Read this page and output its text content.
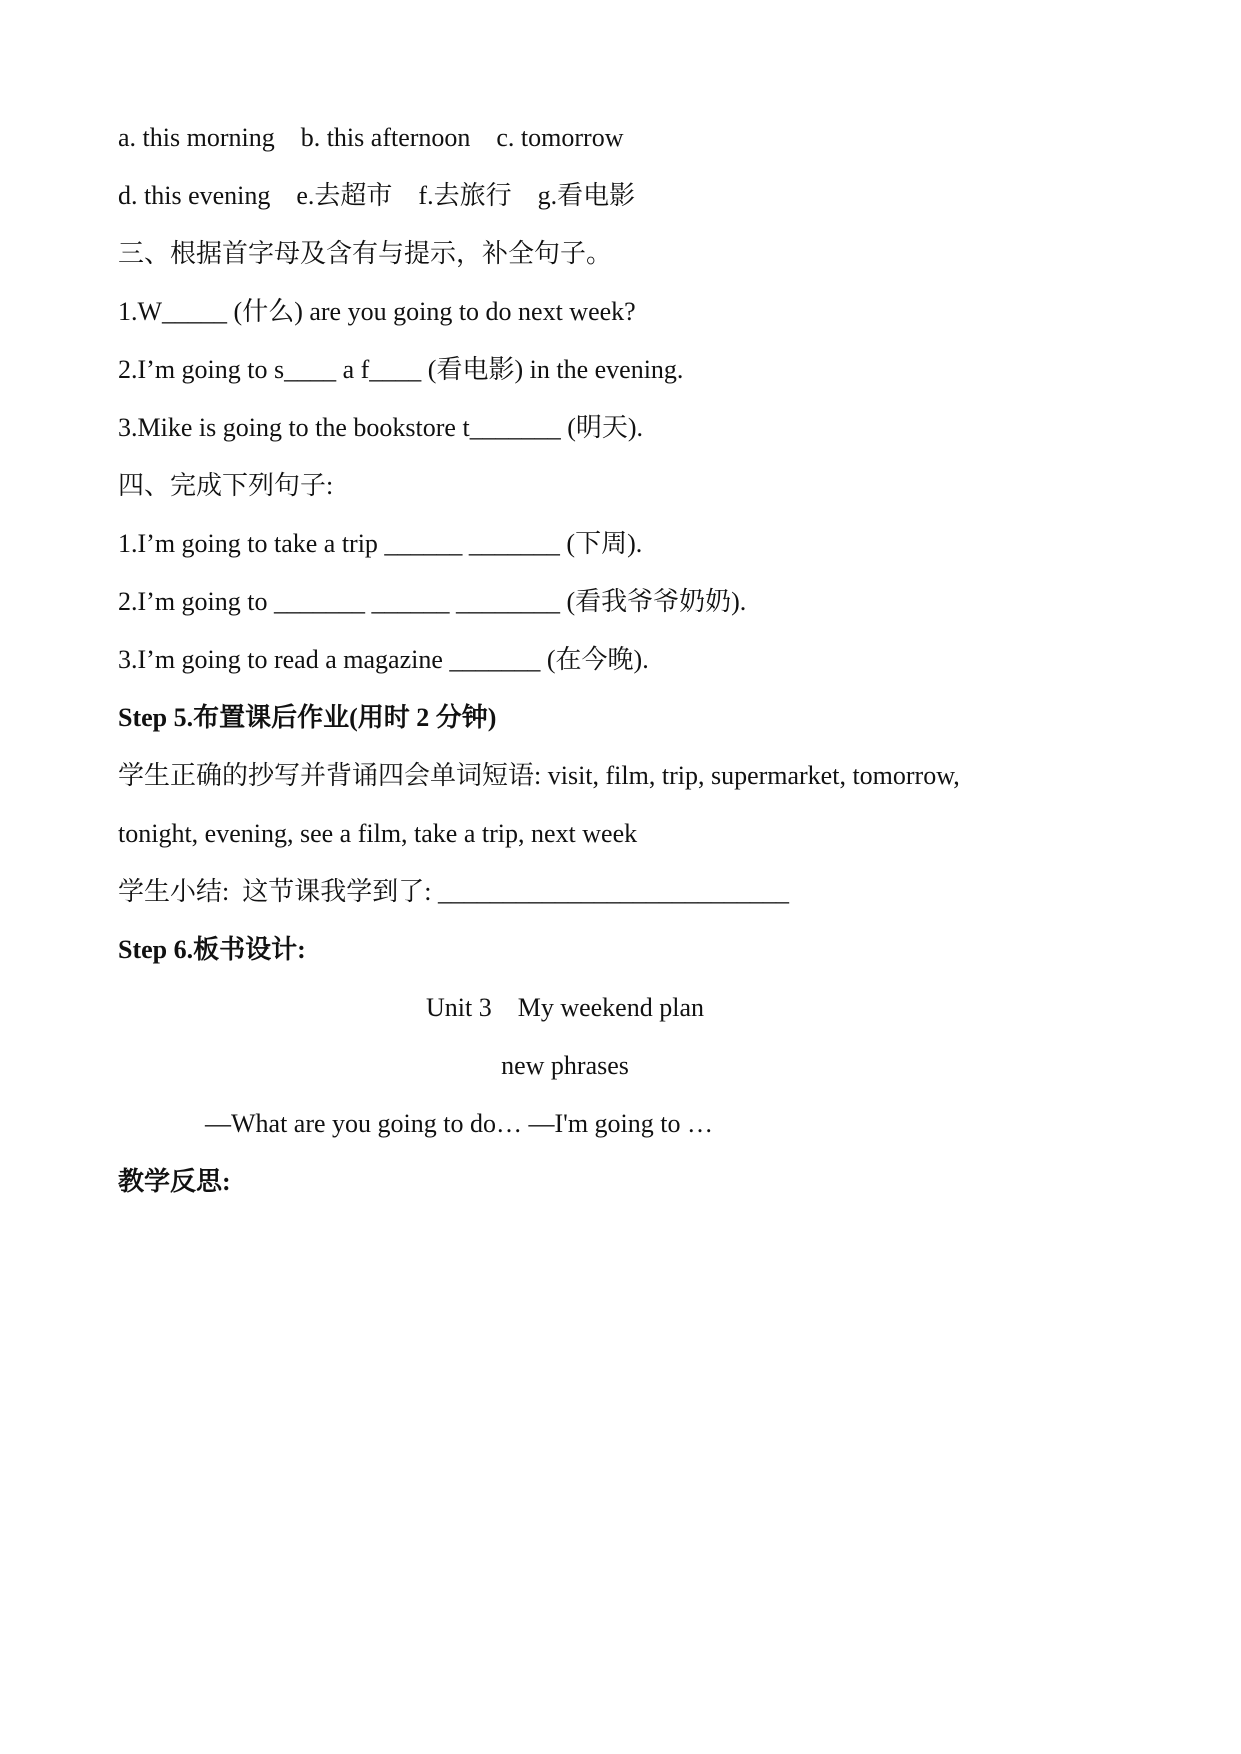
a. this morning    b. this afternoon    c. tomorrow
d. this evening    e.去超市    f.去旅行    g.看电影
三、根据首字母及含有与提示，补全句子。
1.W_____ (什么) are you going to do next week?
2.I’m going to s____ a f____ (看电影) in the evening.
3.Mike is going to the bookstore t_______ (明天).
四、完成下列句子:
1.I’m going to take a trip ______ _______ (下周).
2.I’m going to _______ ______ ________ (看我爷爷奶奶).
3.I’m going to read a magazine _______ (在今晚).
Step 5.布置课后作业(用时 2 分钟)
学生正确的抄写并背诵四会单词短语: visit, film, trip, supermarket, tomorrow,
tonight, evening, see a film, take a trip, next week
学生小结:  这节课我学到了: ___________________________
Step 6.板书设计:
Unit 3    My weekend plan
new phrases
—What are you going to do… —I'm going to …
教学反思:
